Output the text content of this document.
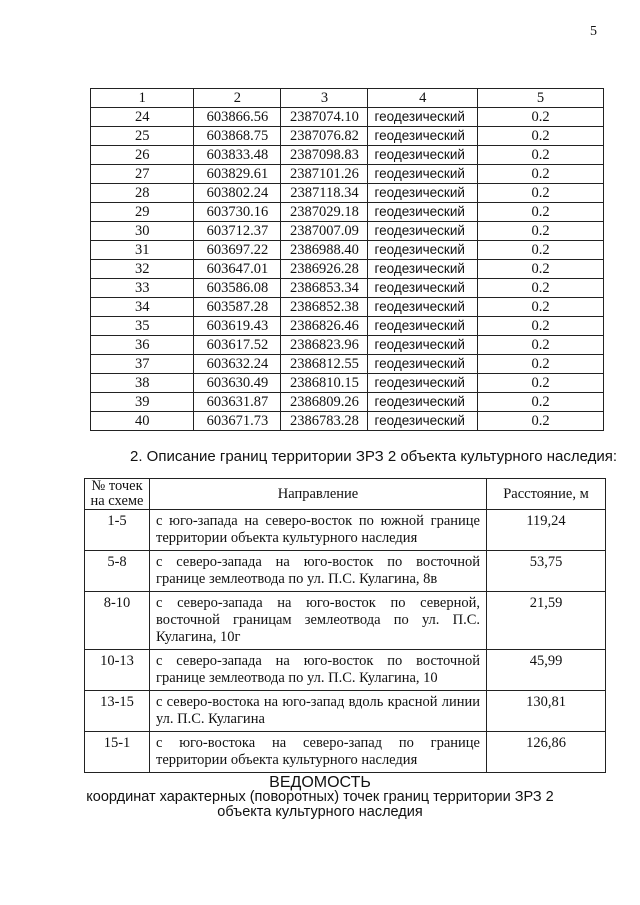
5
1	2	3	4	5
24	603866.56	2387074.10	геодезический	0.2
25	603868.75	2387076.82	геодезический	0.2
26	603833.48	2387098.83	геодезический	0.2
27	603829.61	2387101.26	геодезический	0.2
28	603802.24	2387118.34	геодезический	0.2
29	603730.16	2387029.18	геодезический	0.2
30	603712.37	2387007.09	геодезический	0.2
31	603697.22	2386988.40	геодезический	0.2
32	603647.01	2386926.28	геодезический	0.2
33	603586.08	2386853.34	геодезический	0.2
34	603587.28	2386852.38	геодезический	0.2
35	603619.43	2386826.46	геодезический	0.2
36	603617.52	2386823.96	геодезический	0.2
37	603632.24	2386812.55	геодезический	0.2
38	603630.49	2386810.15	геодезический	0.2
39	603631.87	2386809.26	геодезический	0.2
40	603671.73	2386783.28	геодезический	0.2
2. Описание границ территории ЗРЗ 2 объекта культурного наследия:
№ точек
на схеме	Направление	Расстояние, м
1-5	с юго-запада на северо-восток по южной границе территории объекта культурного наследия	119,24
5-8	с северо-запада на юго-восток по восточной границе землеотвода по ул. П.С. Кулагина, 8в	53,75
8-10	с северо-запада на юго-восток по северной, восточной границам землеотвода по ул. П.С. Кулагина, 10г	21,59
10-13	с северо-запада на юго-восток по восточной границе землеотвода по ул. П.С. Кулагина, 10	45,99
13-15	с северо-востока на юго-запад вдоль красной линии ул. П.С. Кулагина	130,81
15-1	с юго-востока на северо-запад по границе территории объекта культурного наследия	126,86
ВЕДОМОСТЬ
координат характерных (поворотных) точек границ территории ЗРЗ 2
объекта культурного наследия
